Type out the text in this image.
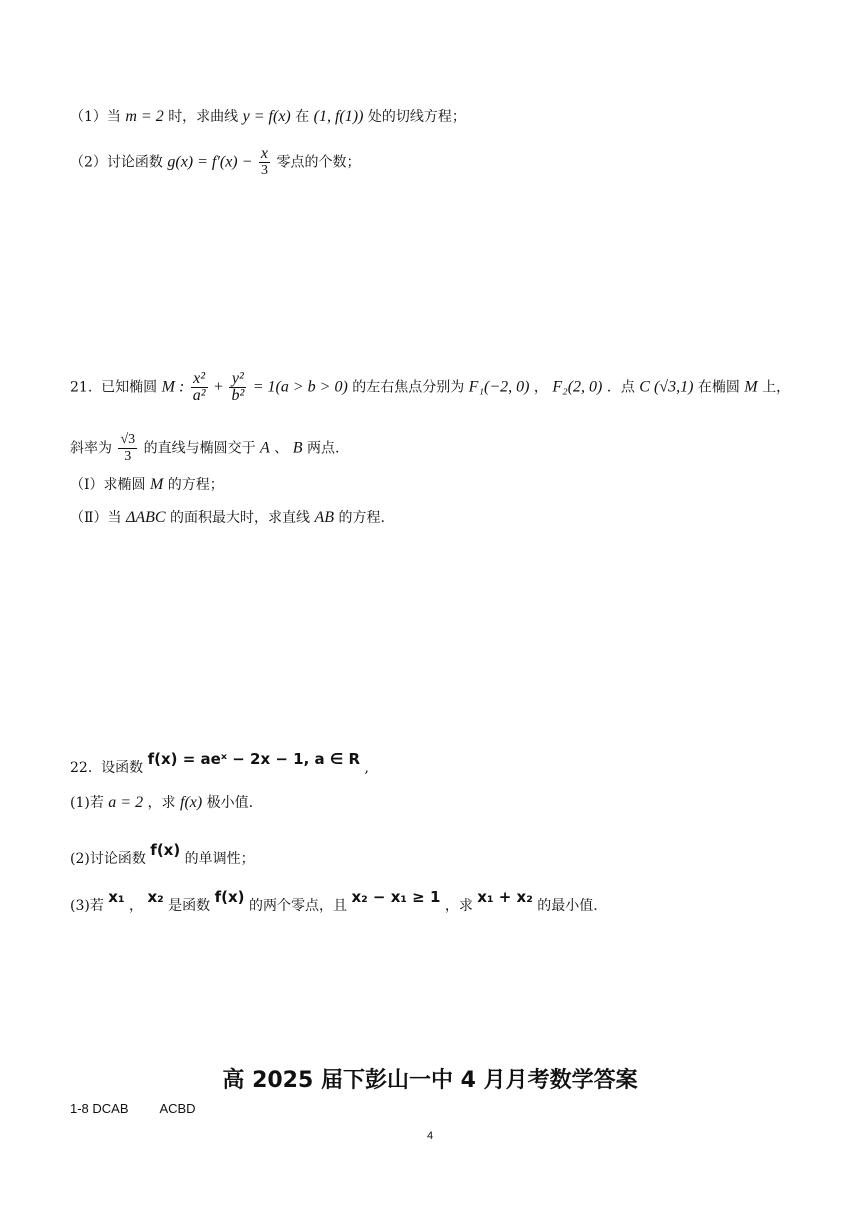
（1）当 m = 2 时，求曲线 y = f(x) 在 (1, f(1)) 处的切线方程；
（2）讨论函数 $g(x) = f'(x) - \frac{x}{3}$ 零点的个数；
21. 已知椭圆 M : $\frac{\text{x²}}{\text{a²}} + \frac{\text{y²}}{\text{b²}} = 1(a > b > 0)$ 的左右焦点分别为 F₁(−2, 0) ， F₂(2, 0) ．点 C (√3,1) 在椭圆 M 上，
斜率为 $\frac{√3}{3}$ 的直线与椭圆交于 A 、 B 两点.
（Ⅰ）求椭圆 M 的方程；
（Ⅱ）当 ΔABC 的面积最大时，求直线 AB 的方程.
22. 设函数 f(x) = aeˣ − 2x − 1, a ∈ R ,
(1)若 a = 2 ，求 f(x) 极小值.
(2)讨论函数 f(x) 的单调性；
(3)若 x₁ ， x₂ 是函数 f(x) 的两个零点，且 x₂ − x₁ ≥ 1 ，求 x₁ + x₂ 的最小值.
高 2025 届下彭山一中 4 月月考数学答案
1-8 DCAB ACBD
4
